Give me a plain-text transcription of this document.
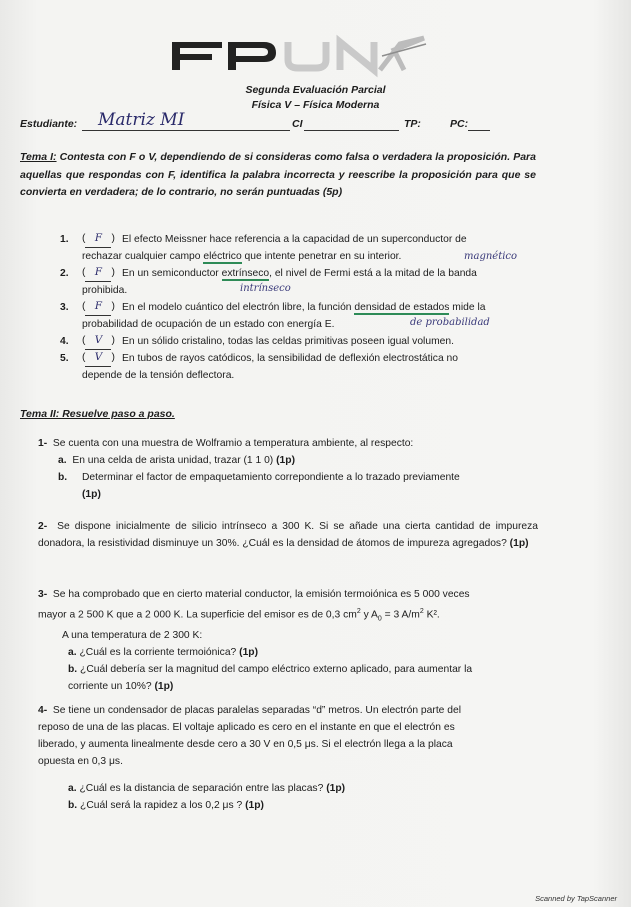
Segunda Evaluación Parcial
Física V – Física Moderna
Estudiante: Matriz MI	CI	TP:	PC:
Tema I: Contesta con F o V, dependiendo de si consideras como falsa o verdadera la proposición. Para aquellas que respondas con F, identifica la palabra incorrecta y reescribe la proposición para que se convierta en verdadera; de lo contrario, no serán puntuadas (5p)
1. ( F ) El efecto Meissner hace referencia a la capacidad de un superconductor de
rechazar cualquier campo eléctrico que intente penetrar en su interior.	magnético
2. ( F ) En un semiconductor extrínseco, el nivel de Fermi está a la mitad de la banda
prohibida.	intrínseco
3. ( F ) En el modelo cuántico del electrón libre, la función densidad de estados mide la
probabilidad de ocupación de un estado con energía E.	de probabilidad
4. ( V ) En un sólido cristalino, todas las celdas primitivas poseen igual volumen.
5. ( V ) En tubos de rayos catódicos, la sensibilidad de deflexión electrostática no
depende de la tensión deflectora.
Tema II: Resuelve paso a paso.
1- Se cuenta con una muestra de Wolframio a temperatura ambiente, al respecto:
a. En una celda de arista unidad, trazar (1 1 0) (1p)
b.	Determinar el factor de empaquetamiento correpondiente a lo trazado previamente
(1p)
2- Se dispone inicialmente de silicio intrínseco a 300 K. Si se añade una cierta cantidad de impureza donadora, la resistividad disminuye un 30%. ¿Cuál es la densidad de átomos de impureza agregados? (1p)
3- Se ha comprobado que en cierto material conductor, la emisión termoiónica es 5 000 veces
mayor a 2 500 K que a 2 000 K. La superficie del emisor es de 0,3 $cm^2$ y $A_0 = 3$ $A/m^2$ K².
A una temperatura de 2 300 K:
a. ¿Cuál es la corriente termoiónica? (1p)
b. ¿Cuál debería ser la magnitud del campo eléctrico externo aplicado, para aumentar la
corriente un 10%? (1p)
4- Se tiene un condensador de placas paralelas separadas “d” metros. Un electrón parte del
reposo de una de las placas. El voltaje aplicado es cero en el instante en que el electrón es
liberado, y aumenta linealmente desde cero a 30 V en 0,5 μs. Si el electrón llega a la placa
opuesta en 0,3 μs.
a. ¿Cuál es la distancia de separación entre las placas? (1p)
b. ¿Cuál será la rapidez a los 0,2 μs ? (1p)
Scanned by TapScanner
